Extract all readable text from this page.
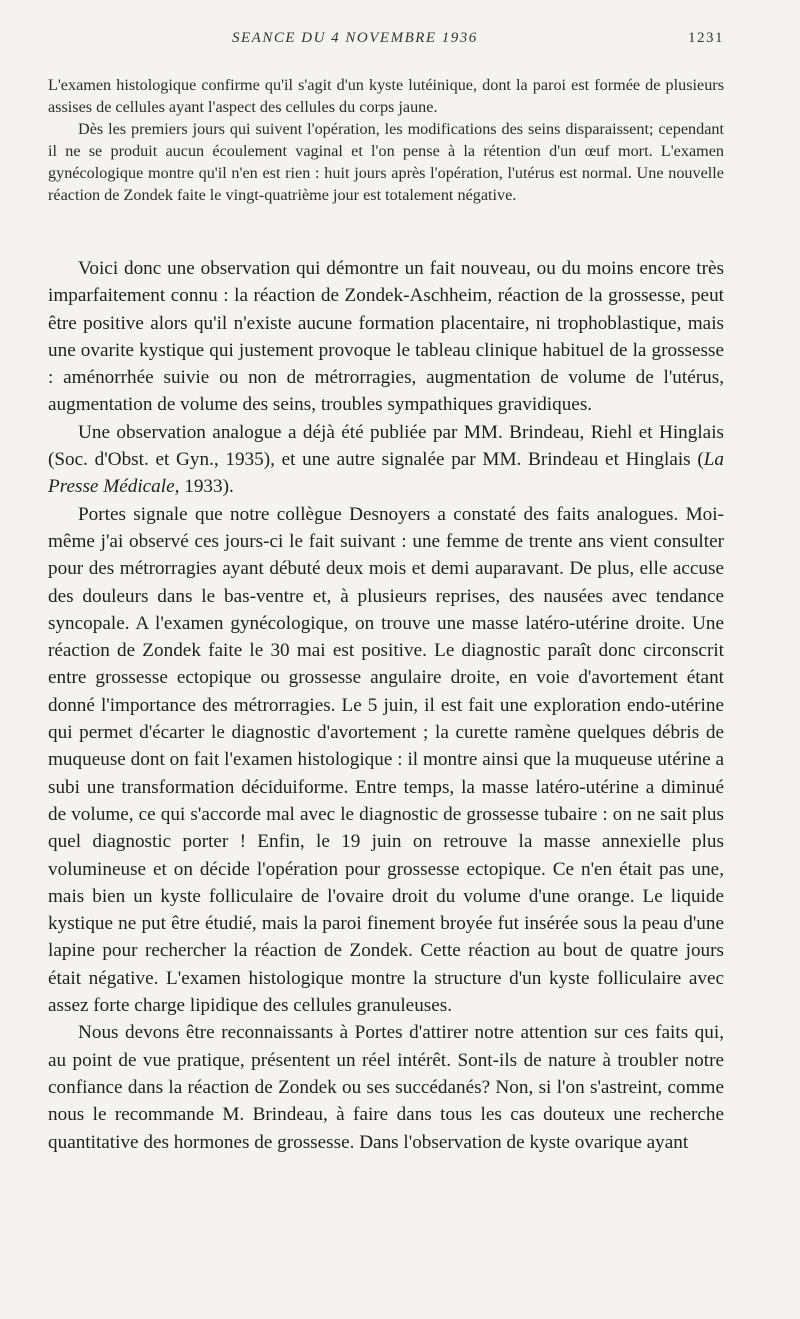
SEANCE DU 4 NOVEMBRE 1936	1231

L'examen histologique confirme qu'il s'agit d'un kyste lutéinique, dont la paroi est formée de plusieurs assises de cellules ayant l'aspect des cellules du corps jaune.

Dès les premiers jours qui suivent l'opération, les modifications des seins disparaissent; cependant il ne se produit aucun écoulement vaginal et l'on pense à la rétention d'un œuf mort. L'examen gynécologique montre qu'il n'en est rien : huit jours après l'opération, l'utérus est normal. Une nouvelle réaction de Zondek faite le vingt-quatrième jour est totalement négative.

Voici donc une observation qui démontre un fait nouveau, ou du moins encore très imparfaitement connu : la réaction de Zondek-Aschheim, réaction de la grossesse, peut être positive alors qu'il n'existe aucune formation placentaire, ni trophoblastique, mais une ovarite kystique qui justement provoque le tableau clinique habituel de la grossesse : aménorrhée suivie ou non de métrorragies, augmentation de volume de l'utérus, augmentation de volume des seins, troubles sympathiques gravidiques.

Une observation analogue a déjà été publiée par MM. Brindeau, Riehl et Hinglais (Soc. d'Obst. et Gyn., 1935), et une autre signalée par MM. Brindeau et Hinglais (La Presse Médicale, 1933).

Portes signale que notre collègue Desnoyers a constaté des faits analogues. Moi-même j'ai observé ces jours-ci le fait suivant : une femme de trente ans vient consulter pour des métrorragies ayant débuté deux mois et demi auparavant. De plus, elle accuse des douleurs dans le bas-ventre et, à plusieurs reprises, des nausées avec tendance syncopale. A l'examen gynécologique, on trouve une masse latéro-utérine droite. Une réaction de Zondek faite le 30 mai est positive. Le diagnostic paraît donc circonscrit entre grossesse ectopique ou grossesse angulaire droite, en voie d'avortement étant donné l'importance des métrorragies. Le 5 juin, il est fait une exploration endo-utérine qui permet d'écarter le diagnostic d'avortement ; la curette ramène quelques débris de muqueuse dont on fait l'examen histologique : il montre ainsi que la muqueuse utérine a subi une transformation déciduiforme. Entre temps, la masse latéro-utérine a diminué de volume, ce qui s'accorde mal avec le diagnostic de grossesse tubaire : on ne sait plus quel diagnostic porter ! Enfin, le 19 juin on retrouve la masse annexielle plus volumineuse et on décide l'opération pour grossesse ectopique. Ce n'en était pas une, mais bien un kyste folliculaire de l'ovaire droit du volume d'une orange. Le liquide kystique ne put être étudié, mais la paroi finement broyée fut insérée sous la peau d'une lapine pour rechercher la réaction de Zondek. Cette réaction au bout de quatre jours était négative. L'examen histologique montre la structure d'un kyste folliculaire avec assez forte charge lipidique des cellules granuleuses.

Nous devons être reconnaissants à Portes d'attirer notre attention sur ces faits qui, au point de vue pratique, présentent un réel intérêt. Sont-ils de nature à troubler notre confiance dans la réaction de Zondek ou ses succédanés? Non, si l'on s'astreint, comme nous le recommande M. Brindeau, à faire dans tous les cas douteux une recherche quantitative des hormones de grossesse. Dans l'observation de kyste ovarique ayant
